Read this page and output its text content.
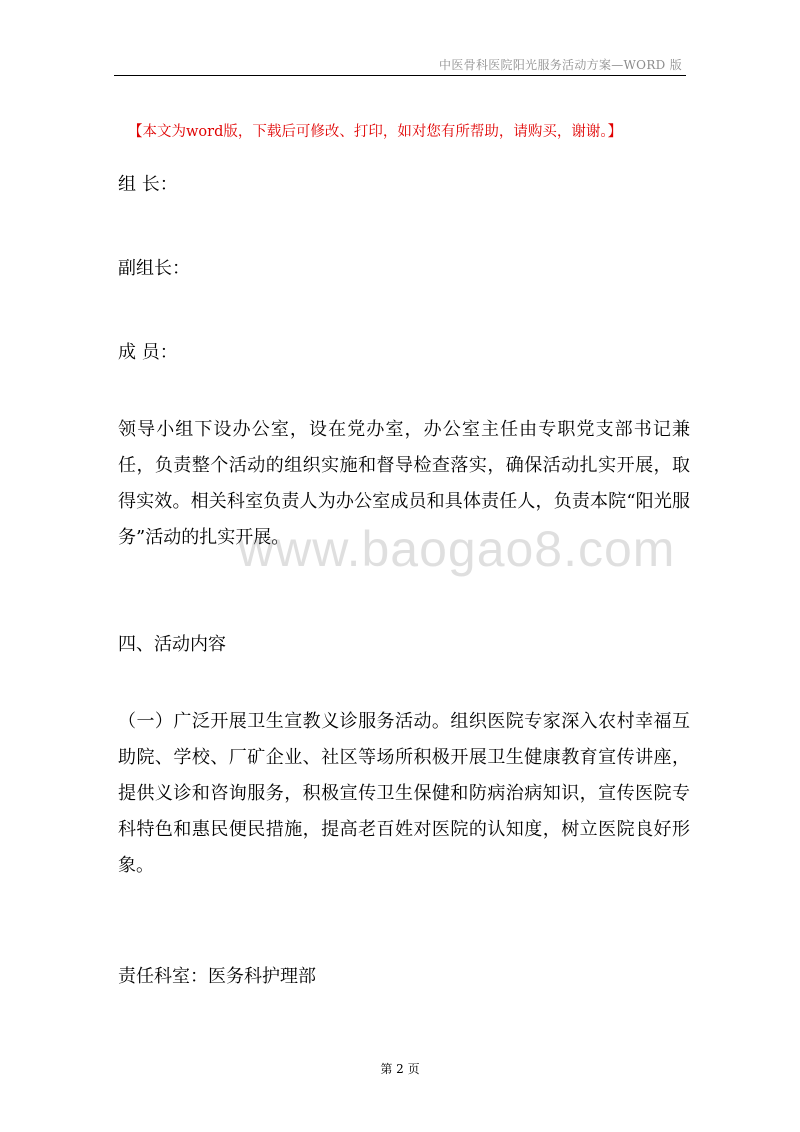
中医骨科医院阳光服务活动方案—WORD 版
【本文为word版，下载后可修改、打印，如对您有所帮助，请购买，谢谢。】
组 长：
副组长：
成 员：
领导小组下设办公室，设在党办室，办公室主任由专职党支部书记兼任，负责整个活动的组织实施和督导检查落实，确保活动扎实开展，取得实效。相关科室负责人为办公室成员和具体责任人，负责本院“阳光服务”活动的扎实开展。
www.baogao8.com
四、活动内容
（一）广泛开展卫生宣教义诊服务活动。组织医院专家深入农村幸福互助院、学校、厂矿企业、社区等场所积极开展卫生健康教育宣传讲座，提供义诊和咨询服务，积极宣传卫生保健和防病治病知识，宣传医院专科特色和惠民便民措施，提高老百姓对医院的认知度，树立医院良好形象。
责任科室：医务科护理部
第 2 页
